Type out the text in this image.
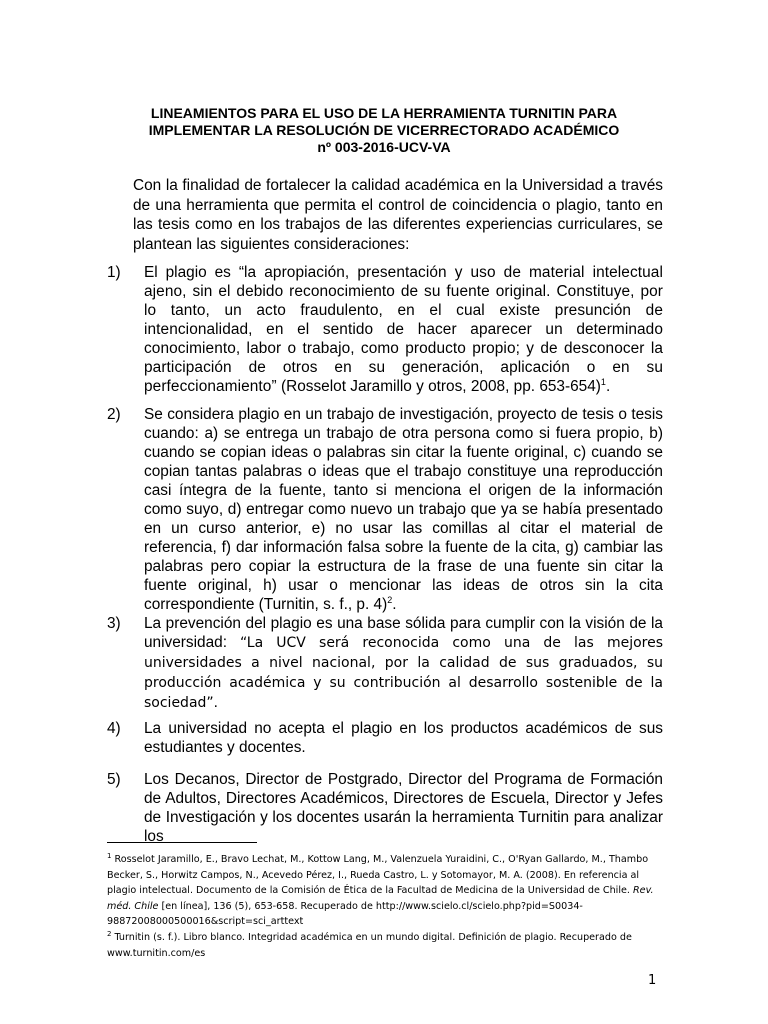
LINEAMIENTOS PARA EL USO DE LA HERRAMIENTA TURNITIN PARA
IMPLEMENTAR LA RESOLUCIÓN DE VICERRECTORADO ACADÉMICO
nº 003-2016-UCV-VA
Con la finalidad de fortalecer la calidad académica en la Universidad a través de una herramienta que permita el control de coincidencia o plagio, tanto en las tesis como en los trabajos de las diferentes experiencias curriculares, se plantean las siguientes consideraciones:
1) El plagio es “la apropiación, presentación y uso de material intelectual ajeno, sin el debido reconocimiento de su fuente original. Constituye, por lo tanto, un acto fraudulento, en el cual existe presunción de intencionalidad, en el sentido de hacer aparecer un determinado conocimiento, labor o trabajo, como producto propio; y de desconocer la participación de otros en su generación, aplicación o en su perfeccionamiento” (Rosselot Jaramillo y otros, 2008, pp. 653-654)$^1$.
2) Se considera plagio en un trabajo de investigación, proyecto de tesis o tesis cuando: a) se entrega un trabajo de otra persona como si fuera propio, b) cuando se copian ideas o palabras sin citar la fuente original, c) cuando se copian tantas palabras o ideas que el trabajo constituye una reproducción casi íntegra de la fuente, tanto si menciona el origen de la información como suyo, d) entregar como nuevo un trabajo que ya se había presentado en un curso anterior, e) no usar las comillas al citar el material de referencia, f) dar información falsa sobre la fuente de la cita, g) cambiar las palabras pero copiar la estructura de la frase de una fuente sin citar la fuente original, h) usar o mencionar las ideas de otros sin la cita correspondiente (Turnitin, s. f., p. 4)$^2$.
3) La prevención del plagio es una base sólida para cumplir con la visión de la universidad: “La UCV será reconocida como una de las mejores universidades a nivel nacional, por la calidad de sus graduados, su producción académica y su contribución al desarrollo sostenible de la sociedad”.
4) La universidad no acepta el plagio en los productos académicos de sus estudiantes y docentes.
5) Los Decanos, Director de Postgrado, Director del Programa de Formación de Adultos, Directores Académicos, Directores de Escuela, Director y Jefes de Investigación y los docentes usarán la herramienta Turnitin para analizar los
$^1$ Rosselot Jaramillo, E., Bravo Lechat, M., Kottow Lang, M., Valenzuela Yuraidini, C., O'Ryan Gallardo, M., Thambo Becker, S., Horwitz Campos, N., Acevedo Pérez, I., Rueda Castro, L. y Sotomayor, M. A. (2008). En referencia al plagio intelectual. Documento de la Comisión de Ética de la Facultad de Medicina de la Universidad de Chile. Rev. méd. Chile [en línea], 136 (5), 653-658. Recuperado de http://www.scielo.cl/scielo.php?pid=S0034-98872008000500016&script=sci_arttext
$^2$ Turnitin (s. f.). Libro blanco. Integridad académica en un mundo digital. Definición de plagio. Recuperado de www.turnitin.com/es
1
